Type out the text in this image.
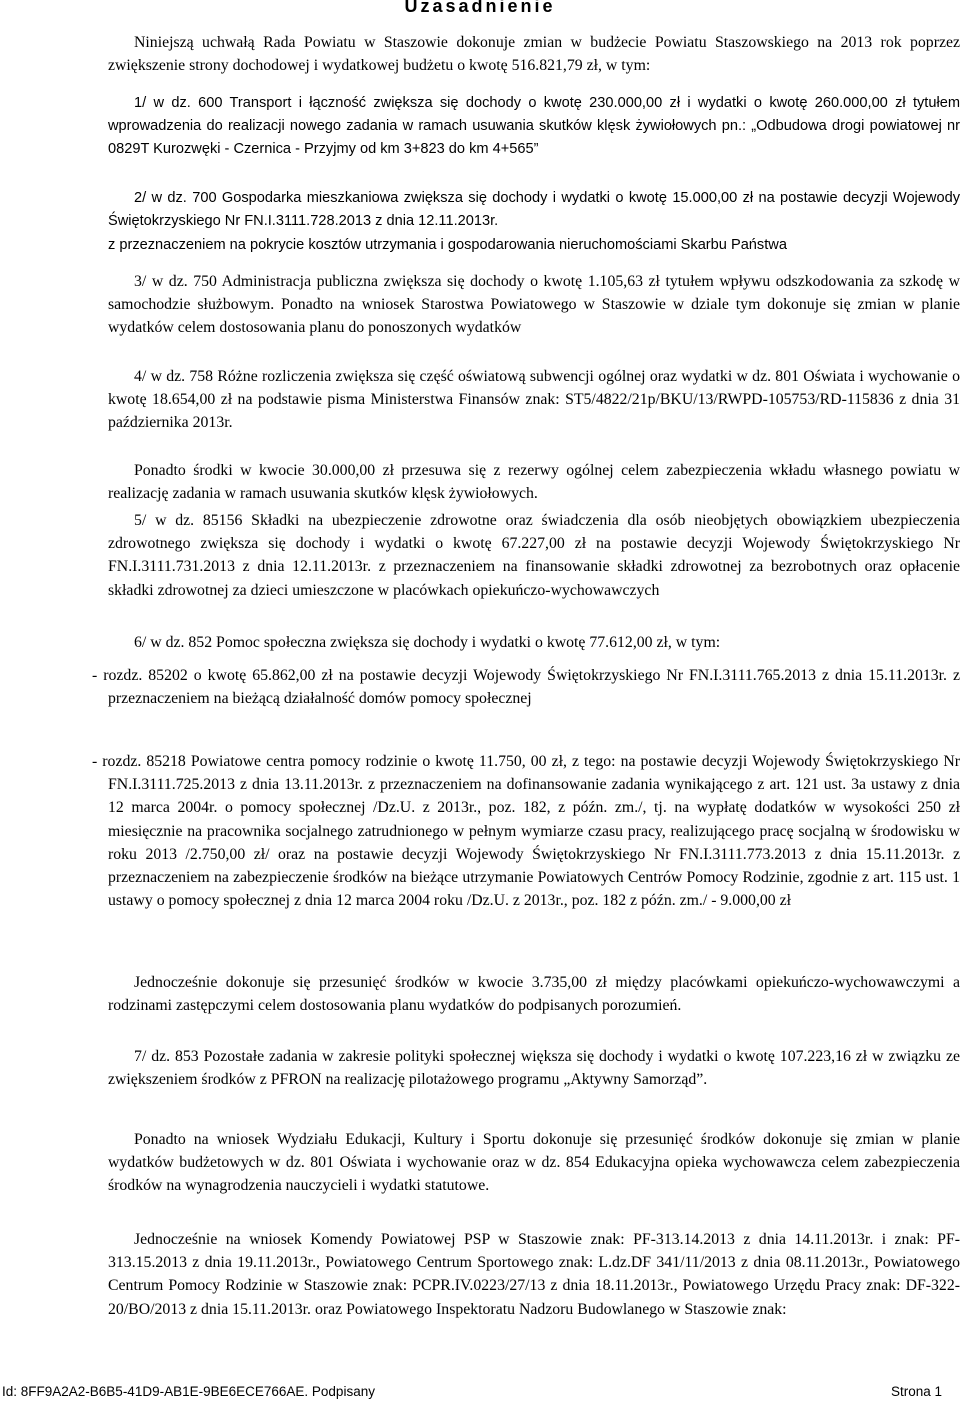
Uzasadnienie

Niniejszą uchwałą Rada Powiatu w Staszowie dokonuje zmian w budżecie Powiatu Staszowskiego na 2013 rok poprzez zwiększenie strony dochodowej i wydatkowej budżetu o kwotę 516.821,79 zł, w tym:

1/ w dz. 600 Transport i łączność zwiększa się dochody o kwotę 230.000,00 zł i wydatki o kwotę 260.000,00 zł tytułem wprowadzenia do realizacji nowego zadania w ramach usuwania skutków klęsk żywiołowych pn.: „Odbudowa drogi powiatowej nr 0829T Kurozwęki - Czernica - Przyjmy od km 3+823 do km 4+565”

2/ w dz. 700 Gospodarka mieszkaniowa zwiększa się dochody i wydatki o kwotę 15.000,00 zł na postawie decyzji Wojewody Świętokrzyskiego Nr FN.I.3111.728.2013 z dnia 12.11.2013r.

z przeznaczeniem na pokrycie kosztów utrzymania i gospodarowania nieruchomościami Skarbu Państwa

3/ w dz. 750 Administracja publiczna zwiększa się dochody o kwotę 1.105,63 zł tytułem wpływu odszkodowania za szkodę w samochodzie służbowym. Ponadto na wniosek Starostwa Powiatowego w Staszowie w dziale tym dokonuje się zmian w planie wydatków celem dostosowania planu do ponoszonych wydatków

4/ w dz. 758 Różne rozliczenia zwiększa się część oświatową subwencji ogólnej oraz wydatki w dz. 801 Oświata i wychowanie o kwotę 18.654,00 zł na podstawie pisma Ministerstwa Finansów znak: ST5/4822/21p/BKU/13/RWPD-105753/RD-115836 z dnia 31 października 2013r.

Ponadto środki w kwocie 30.000,00 zł przesuwa się z rezerwy ogólnej celem zabezpieczenia wkładu własnego powiatu w realizację zadania w ramach usuwania skutków klęsk żywiołowych.

5/ w dz. 85156 Składki na ubezpieczenie zdrowotne oraz świadczenia dla osób nieobjętych obowiązkiem ubezpieczenia zdrowotnego zwiększa się dochody i wydatki o kwotę 67.227,00 zł na postawie decyzji Wojewody Świętokrzyskiego Nr FN.I.3111.731.2013 z dnia 12.11.2013r. z przeznaczeniem na finansowanie składki zdrowotnej za bezrobotnych oraz opłacenie składki zdrowotnej za dzieci umieszczone w placówkach opiekuńczo-wychowawczych

6/ w dz. 852 Pomoc społeczna zwiększa się dochody i wydatki o kwotę 77.612,00 zł, w tym:

- rozdz. 85202 o kwotę 65.862,00 zł na postawie decyzji Wojewody Świętokrzyskiego Nr FN.I.3111.765.2013 z dnia 15.11.2013r. z przeznaczeniem na bieżącą działalność domów pomocy społecznej

- rozdz. 85218 Powiatowe centra pomocy rodzinie o kwotę 11.750, 00 zł, z tego: na postawie decyzji Wojewody Świętokrzyskiego Nr FN.I.3111.725.2013 z dnia 13.11.2013r. z przeznaczeniem na dofinansowanie zadania wynikającego z art. 121 ust. 3a ustawy z dnia 12 marca 2004r. o pomocy społecznej /Dz.U. z 2013r., poz. 182, z późn. zm./, tj. na wypłatę dodatków w wysokości 250 zł miesięcznie na pracownika socjalnego zatrudnionego w pełnym wymiarze czasu pracy, realizującego pracę socjalną w środowisku w roku 2013 /2.750,00 zł/ oraz na postawie decyzji Wojewody Świętokrzyskiego Nr FN.I.3111.773.2013 z dnia 15.11.2013r. z przeznaczeniem na zabezpieczenie środków na bieżące utrzymanie Powiatowych Centrów Pomocy Rodzinie, zgodnie z art. 115 ust. 1 ustawy o pomocy społecznej z dnia 12 marca 2004 roku /Dz.U. z 2013r., poz. 182 z późn. zm./ - 9.000,00 zł

Jednocześnie dokonuje się przesunięć środków w kwocie 3.735,00 zł między placówkami opiekuńczo-wychowawczymi a rodzinami zastępczymi celem dostosowania planu wydatków do podpisanych porozumień.

7/ dz. 853 Pozostałe zadania w zakresie polityki społecznej większa się dochody i wydatki o kwotę 107.223,16 zł w związku ze zwiększeniem środków z PFRON na realizację pilotażowego programu „Aktywny Samorząd”.

Ponadto na wniosek Wydziału Edukacji, Kultury i Sportu dokonuje się przesunięć środków dokonuje się zmian w planie wydatków budżetowych w dz. 801 Oświata i wychowanie oraz w dz. 854 Edukacyjna opieka wychowawcza celem zabezpieczenia środków na wynagrodzenia nauczycieli i wydatki statutowe.

Jednocześnie na wniosek Komendy Powiatowej PSP w Staszowie znak: PF-313.14.2013 z dnia 14.11.2013r. i znak: PF-313.15.2013 z dnia 19.11.2013r., Powiatowego Centrum Sportowego znak: L.dz.DF 341/11/2013 z dnia 08.11.2013r., Powiatowego Centrum Pomocy Rodzinie w Staszowie znak: PCPR.IV.0223/27/13 z dnia 18.11.2013r., Powiatowego Urzędu Pracy znak: DF-322-20/BO/2013 z dnia 15.11.2013r. oraz Powiatowego Inspektoratu Nadzoru Budowlanego w Staszowie znak:

Id: 8FF9A2A2-B6B5-41D9-AB1E-9BE6ECE766AE. Podpisany	Strona 1
